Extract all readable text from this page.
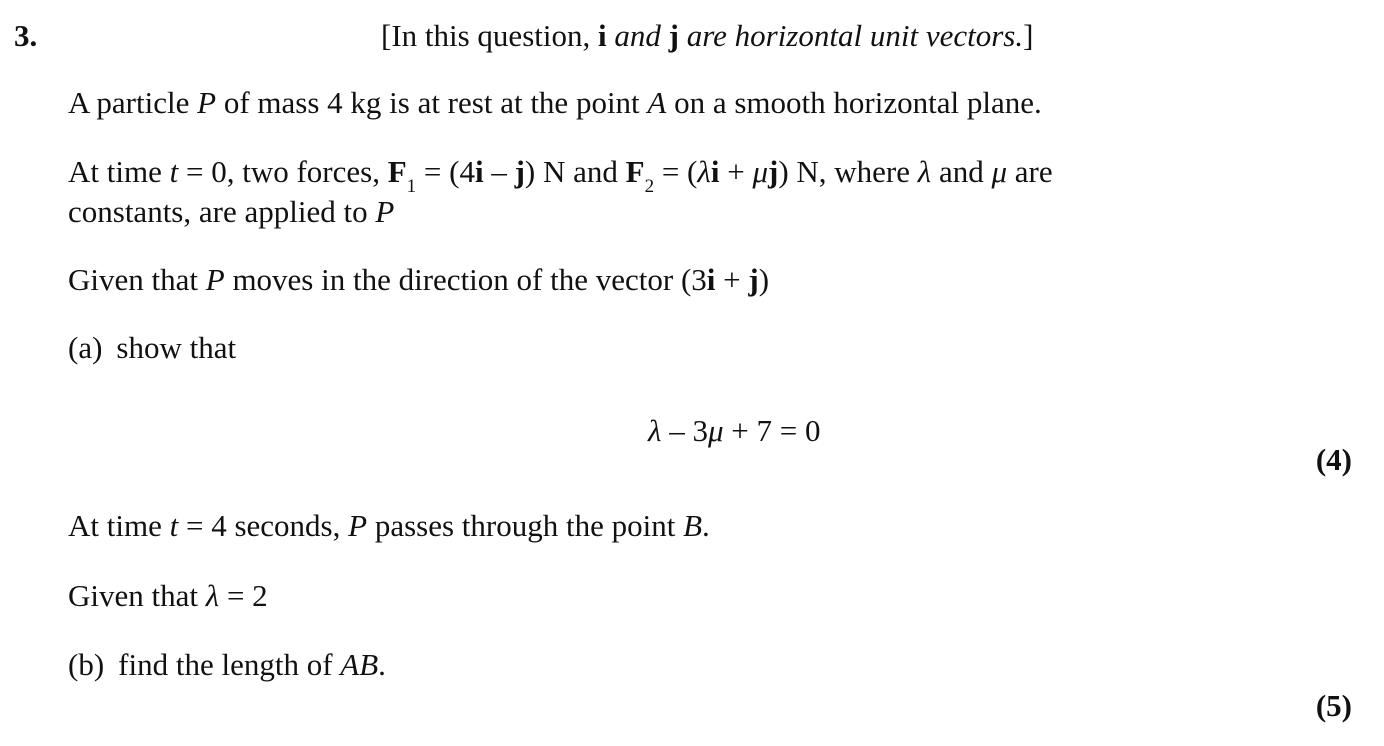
3.	[In this question, i and j are horizontal unit vectors.]
A particle P of mass 4 kg is at rest at the point A on a smooth horizontal plane.
At time t = 0, two forces, $F_1 = (4i - j)$ N and $F_2 = (\lambda i + \mu j)$ N, where λ and μ are
constants, are applied to P
Given that P moves in the direction of the vector (3i + j)
(a) show that
λ – 3μ + 7 = 0
(4)
At time t = 4 seconds, P passes through the point B.
Given that λ = 2
(b) find the length of AB.
(5)
